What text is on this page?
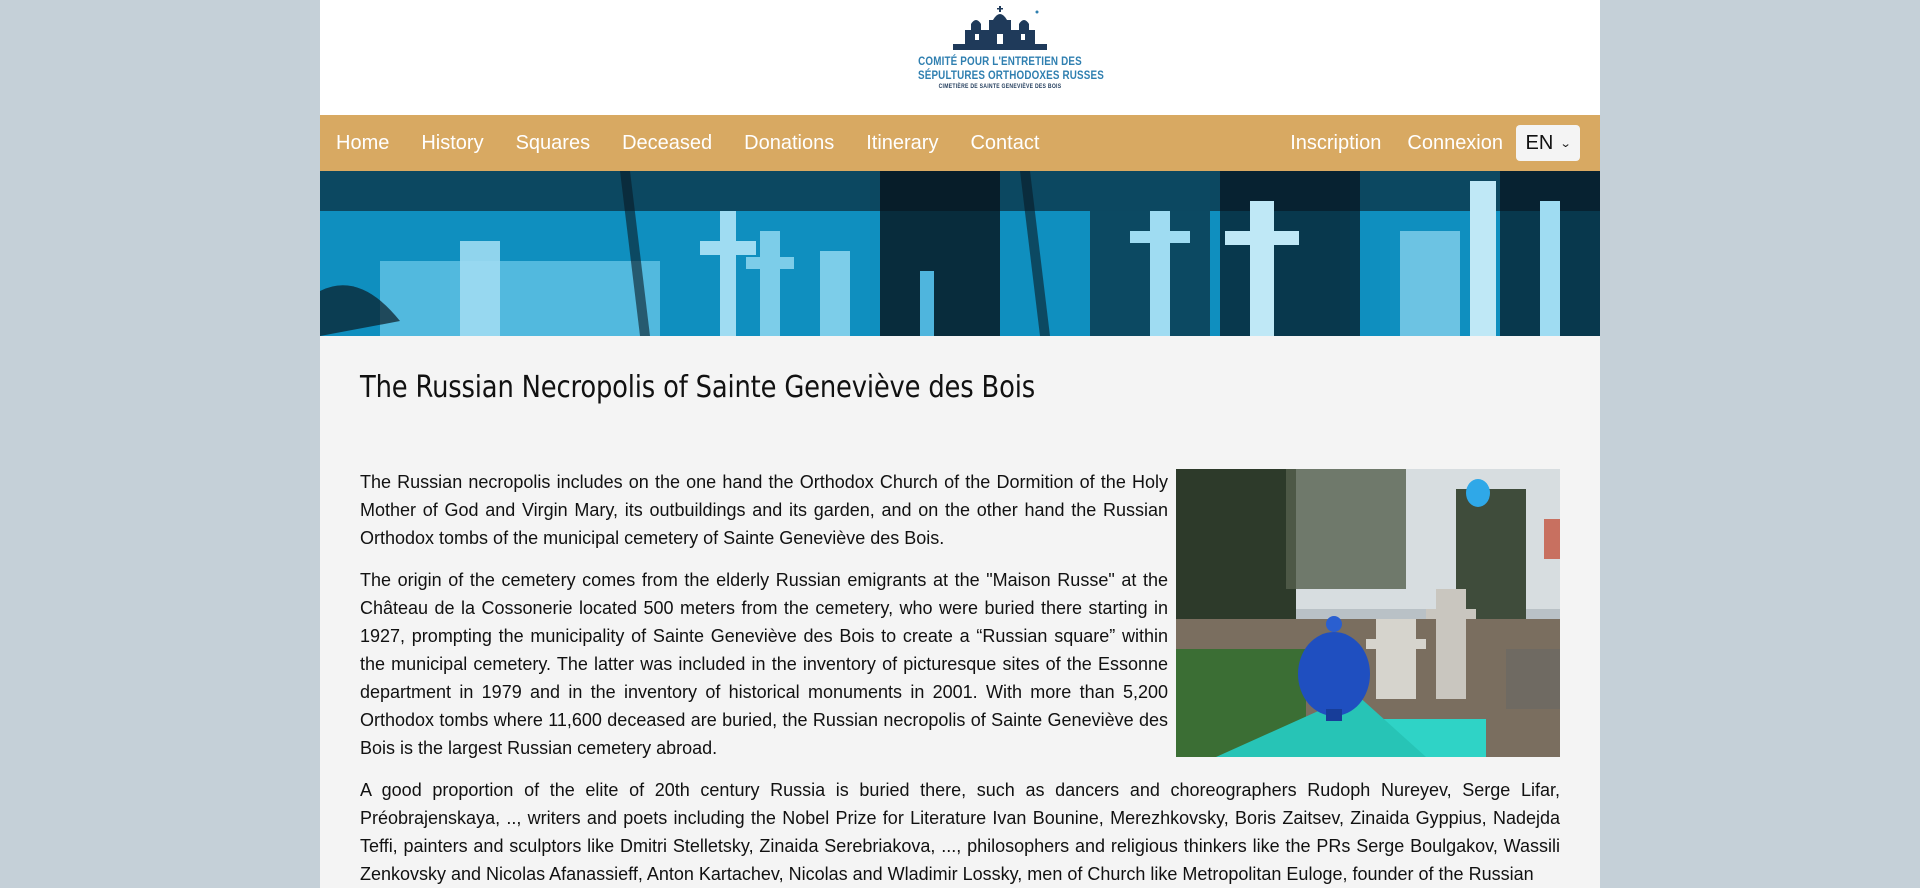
COMITÉ POUR L'ENTRETIEN DES
SÉPULTURES ORTHODOXES RUSSES
CIMETIÈRE DE SAINTE GENEVIÈVE DES BOIS
Home	History	Squares	Deceased	Donations	Itinerary	Contact	Inscription	Connexion	EN ⌄
The Russian Necropolis of Sainte Geneviève des Bois

The Russian necropolis includes on the one hand the Orthodox Church of the Dormition of the Holy Mother of God and Virgin Mary, its outbuildings and its garden, and on the other hand the Russian Orthodox tombs of the municipal cemetery of Sainte Geneviève des Bois.

The origin of the cemetery comes from the elderly Russian emigrants at the "Maison Russe" at the Château de la Cossonerie located 500 meters from the cemetery, who were buried there starting in 1927, prompting the municipality of Sainte Geneviève des Bois to create a “Russian square” within the municipal cemetery. The latter was included in the inventory of picturesque sites of the Essonne department in 1979 and in the inventory of historical monuments in 2001. With more than 5,200 Orthodox tombs where 11,600 deceased are buried, the Russian necropolis of Sainte Geneviève des Bois is the largest Russian cemetery abroad.

A good proportion of the elite of 20th century Russia is buried there, such as dancers and choreographers Rudoph Nureyev, Serge Lifar, Préobrajenskaya, .., writers and poets including the Nobel Prize for Literature Ivan Bounine, Merezhkovsky, Boris Zaitsev, Zinaida Gyppius, Nadejda Teffi, painters and sculptors like Dmitri Stelletsky, Zinaida Serebriakova, ..., philosophers and religious thinkers like the PRs Serge Boulgakov, Wassili Zenkovsky and Nicolas Afanassieff, Anton Kartachev, Nicolas and Wladimir Lossky, men of Church like Metropolitan Euloge, founder of the Russian
